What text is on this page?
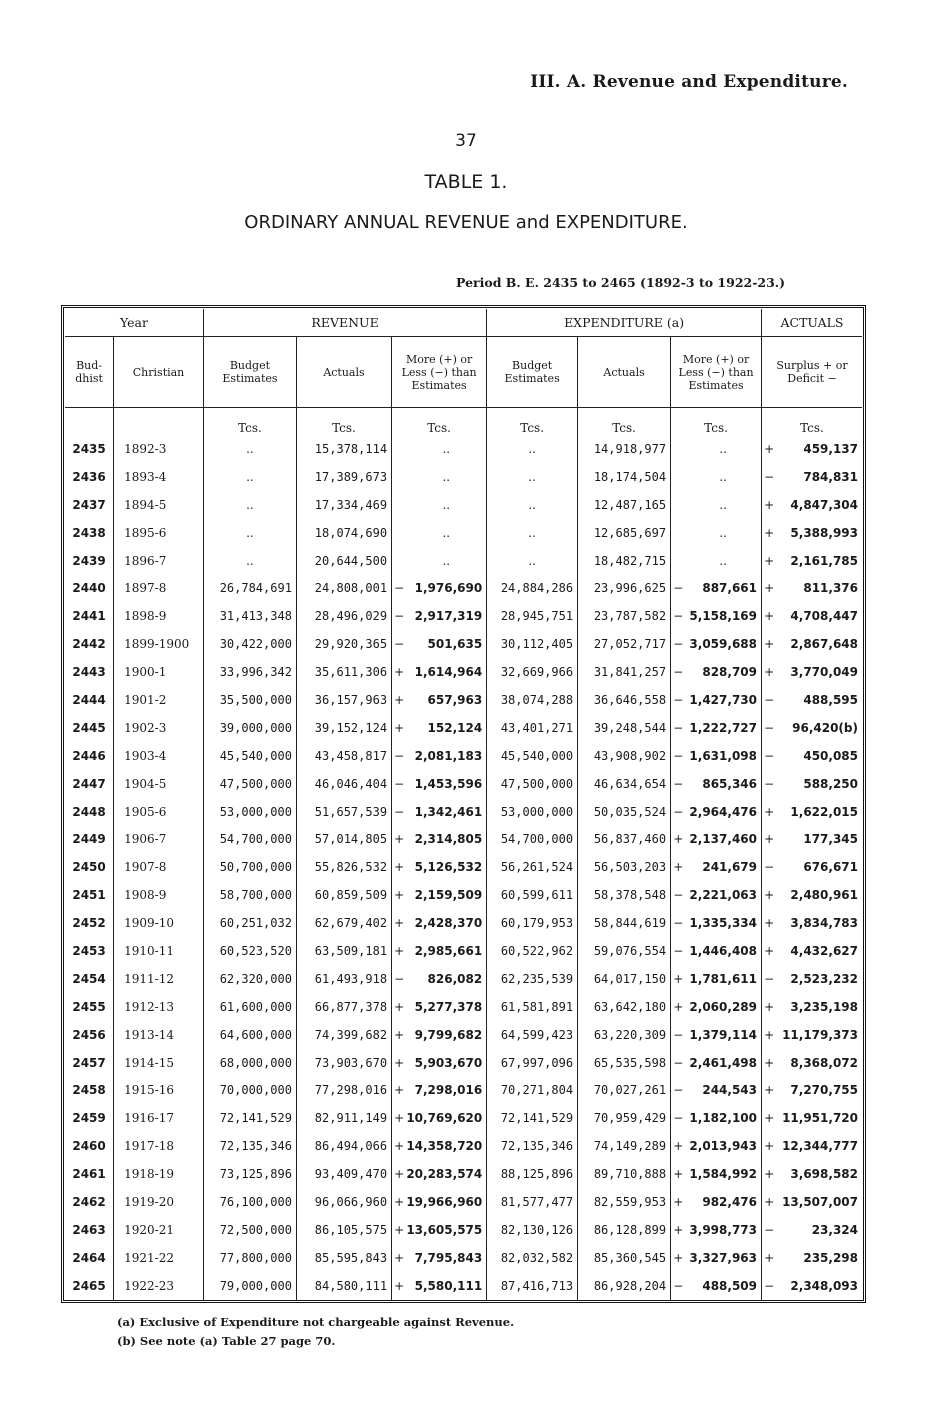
III. A. Revenue and Expenditure.
37
TABLE 1.
ORDINARY ANNUAL REVENUE and EXPENDITURE.
Period B. E. 2435 to 2465 (1892-3 to 1922-23.)
Year		REVENUE				EXPENDITURE (a)				ACTUALS	
Bud-dhist	Christian	Budget Estimates	Actuals	More (+) or Less (−) than Estimates		Budget Estimates	Actuals	More (+) or Less (−) than Estimates		Surplus + or Deficit −	
		Tcs.	Tcs.	Tcs.		Tcs.	Tcs.	Tcs.		Tcs.	
2435	1892-3	..	15,378,114		..	..	14,918,977		..	+	459,137
2436	1893-4	..	17,389,673		..	..	18,174,504		..	−	784,831
2437	1894-5	..	17,334,469		..	..	12,487,165		..	+	4,847,304
2438	1895-6	..	18,074,690		..	..	12,685,697		..	+	5,388,993
2439	1896-7	..	20,644,500		..	..	18,482,715		..	+	2,161,785
2440	1897-8	26,784,691	24,808,001	−	1,976,690	24,884,286	23,996,625	−	887,661	+	811,376
2441	1898-9	31,413,348	28,496,029	−	2,917,319	28,945,751	23,787,582	−	5,158,169	+	4,708,447
2442	1899-1900	30,422,000	29,920,365	−	501,635	30,112,405	27,052,717	−	3,059,688	+	2,867,648
2443	1900-1	33,996,342	35,611,306	+	1,614,964	32,669,966	31,841,257	−	828,709	+	3,770,049
2444	1901-2	35,500,000	36,157,963	+	657,963	38,074,288	36,646,558	−	1,427,730	−	488,595
2445	1902-3	39,000,000	39,152,124	+	152,124	43,401,271	39,248,544	−	1,222,727	−	96,420(b)
2446	1903-4	45,540,000	43,458,817	−	2,081,183	45,540,000	43,908,902	−	1,631,098	−	450,085
2447	1904-5	47,500,000	46,046,404	−	1,453,596	47,500,000	46,634,654	−	865,346	−	588,250
2448	1905-6	53,000,000	51,657,539	−	1,342,461	53,000,000	50,035,524	−	2,964,476	+	1,622,015
2449	1906-7	54,700,000	57,014,805	+	2,314,805	54,700,000	56,837,460	+	2,137,460	+	177,345
2450	1907-8	50,700,000	55,826,532	+	5,126,532	56,261,524	56,503,203	+	241,679	−	676,671
2451	1908-9	58,700,000	60,859,509	+	2,159,509	60,599,611	58,378,548	−	2,221,063	+	2,480,961
2452	1909-10	60,251,032	62,679,402	+	2,428,370	60,179,953	58,844,619	−	1,335,334	+	3,834,783
2453	1910-11	60,523,520	63,509,181	+	2,985,661	60,522,962	59,076,554	−	1,446,408	+	4,432,627
2454	1911-12	62,320,000	61,493,918	−	826,082	62,235,539	64,017,150	+	1,781,611	−	2,523,232
2455	1912-13	61,600,000	66,877,378	+	5,277,378	61,581,891	63,642,180	+	2,060,289	+	3,235,198
2456	1913-14	64,600,000	74,399,682	+	9,799,682	64,599,423	63,220,309	−	1,379,114	+	11,179,373
2457	1914-15	68,000,000	73,903,670	+	5,903,670	67,997,096	65,535,598	−	2,461,498	+	8,368,072
2458	1915-16	70,000,000	77,298,016	+	7,298,016	70,271,804	70,027,261	−	244,543	+	7,270,755
2459	1916-17	72,141,529	82,911,149	+	10,769,620	72,141,529	70,959,429	−	1,182,100	+	11,951,720
2460	1917-18	72,135,346	86,494,066	+	14,358,720	72,135,346	74,149,289	+	2,013,943	+	12,344,777
2461	1918-19	73,125,896	93,409,470	+	20,283,574	88,125,896	89,710,888	+	1,584,992	+	3,698,582
2462	1919-20	76,100,000	96,066,960	+	19,966,960	81,577,477	82,559,953	+	982,476	+	13,507,007
2463	1920-21	72,500,000	86,105,575	+	13,605,575	82,130,126	86,128,899	+	3,998,773	−	23,324
2464	1921-22	77,800,000	85,595,843	+	7,795,843	82,032,582	85,360,545	+	3,327,963	+	235,298
2465	1922-23	79,000,000	84,580,111	+	5,580,111	87,416,713	86,928,204	−	488,509	−	2,348,093
(a) Exclusive of Expenditure not chargeable against Revenue.
(b) See note (a) Table 27 page 70.
